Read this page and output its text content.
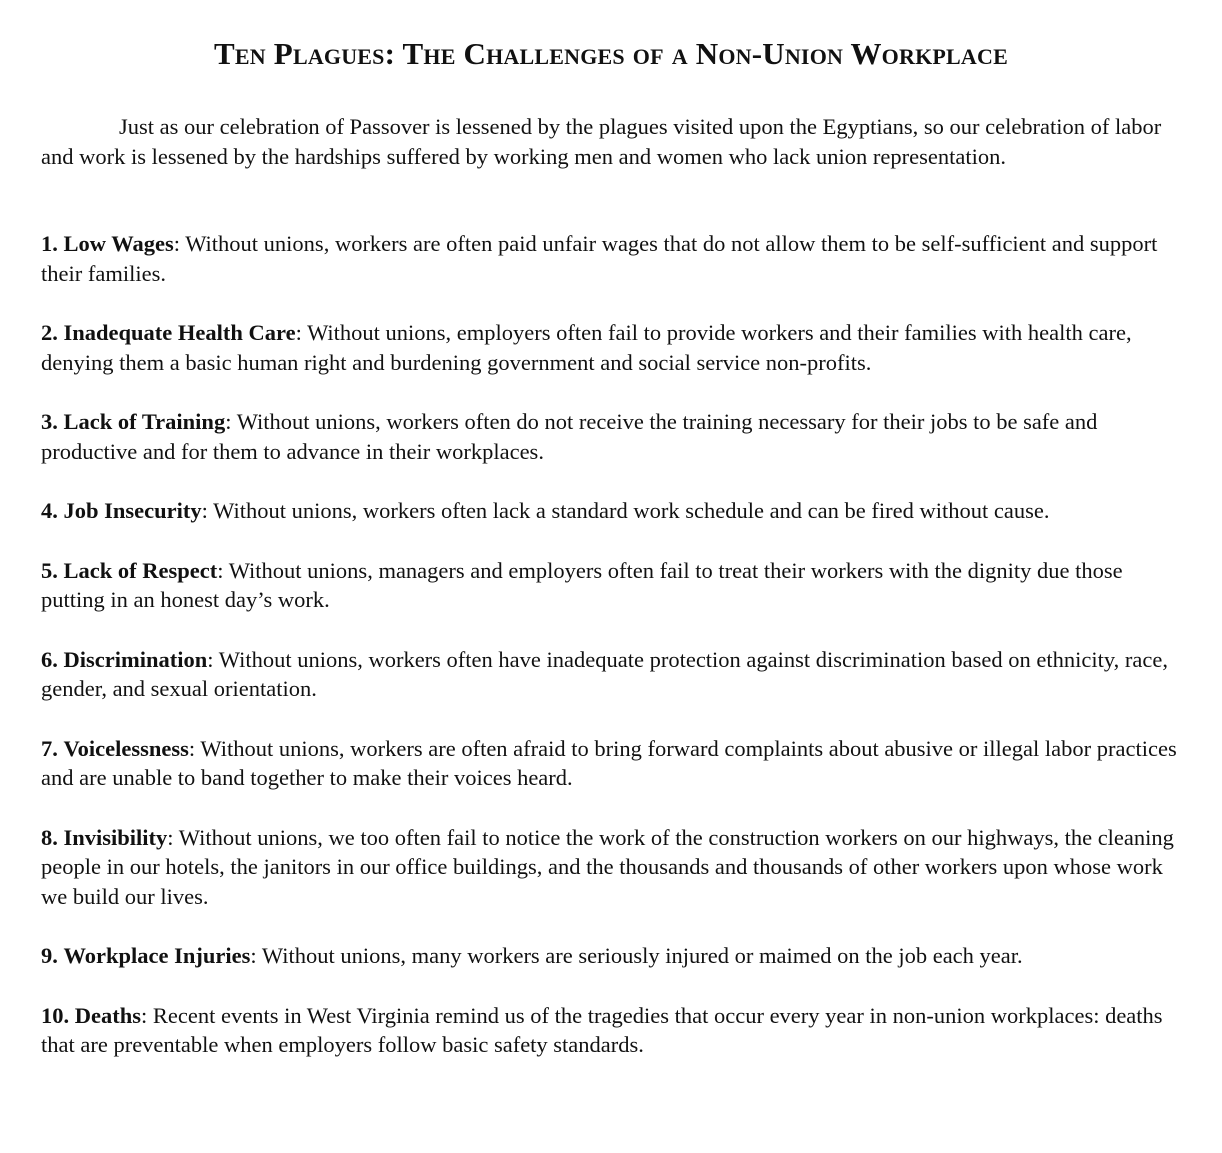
Ten Plagues: The Challenges of a Non-Union Workplace

Just as our celebration of Passover is lessened by the plagues visited upon the Egyptians, so our celebration of labor and work is lessened by the hardships suffered by working men and women who lack union representation.

1. Low Wages: Without unions, workers are often paid unfair wages that do not allow them to be self-sufficient and support their families.

2. Inadequate Health Care: Without unions, employers often fail to provide workers and their families with health care, denying them a basic human right and burdening government and social service non-profits.

3. Lack of Training: Without unions, workers often do not receive the training necessary for their jobs to be safe and productive and for them to advance in their workplaces.

4. Job Insecurity: Without unions, workers often lack a standard work schedule and can be fired without cause.

5. Lack of Respect: Without unions, managers and employers often fail to treat their workers with the dignity due those putting in an honest day’s work.

6. Discrimination: Without unions, workers often have inadequate protection against discrimination based on ethnicity, race, gender, and sexual orientation.

7. Voicelessness: Without unions, workers are often afraid to bring forward complaints about abusive or illegal labor practices and are unable to band together to make their voices heard.

8. Invisibility: Without unions, we too often fail to notice the work of the construction workers on our highways, the cleaning people in our hotels, the janitors in our office buildings, and the thousands and thousands of other workers upon whose work we build our lives.

9. Workplace Injuries: Without unions, many workers are seriously injured or maimed on the job each year.

10. Deaths: Recent events in West Virginia remind us of the tragedies that occur every year in non-union workplaces: deaths that are preventable when employers follow basic safety standards.
